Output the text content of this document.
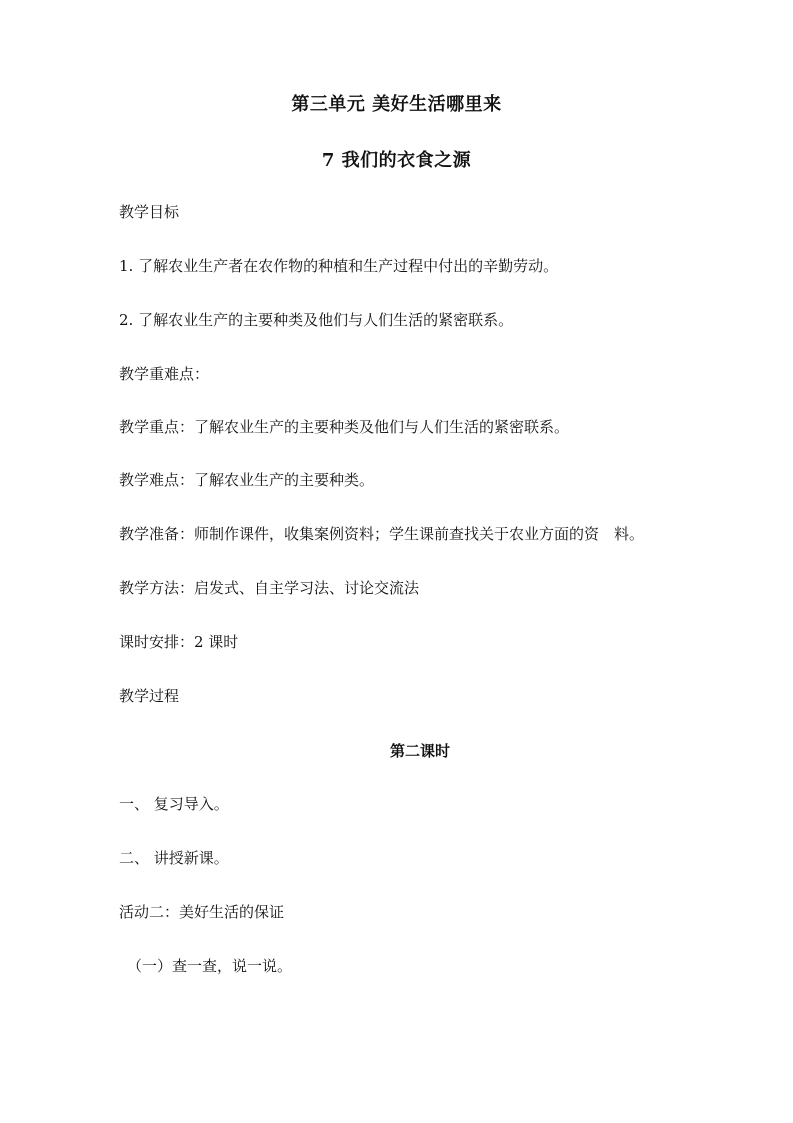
第三单元 美好生活哪里来
7 我们的衣食之源
教学目标
1. 了解农业生产者在农作物的种植和生产过程中付出的辛勤劳动。
2. 了解农业生产的主要种类及他们与人们生活的紧密联系。
教学重难点：
教学重点：了解农业生产的主要种类及他们与人们生活的紧密联系。
教学难点：了解农业生产的主要种类。
教学准备：师制作课件，收集案例资料；学生课前查找关于农业方面的资　料。
教学方法：启发式、自主学习法、讨论交流法
课时安排：2 课时
教学过程
第二课时
一、 复习导入。
二、 讲授新课。
活动二：美好生活的保证
（一）查一查，说一说。
